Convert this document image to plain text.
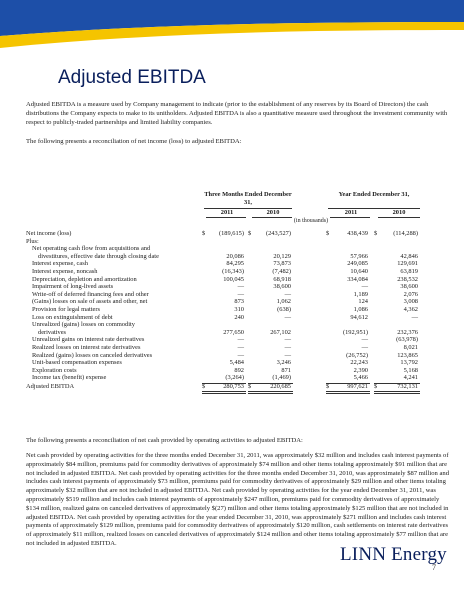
Adjusted EBITDA

Adjusted EBITDA is a measure used by Company management to indicate (prior to the establishment of any reserves by its Board of Directors) the cash distributions the Company expects to make to its unitholders. Adjusted EBITDA is also a quantitative measure used throughout the investment community with respect to publicly-traded partnerships and limited liability companies.

The following presents a reconciliation of net income (loss) to adjusted EBITDA:

Three Months Ended December 31,
Year Ended December 31,
2011	2010	2011	2010
(in thousands)
Net income (loss)	$	(189,615) $	(243,527)	$	438,439 $	(114,288)
Plus:
Net operating cash flow from acquisitions and
divestitures, effective date through closing date	20,086	20,129	57,966	42,846
Interest expense, cash	84,295	73,873	249,085	129,691
Interest expense, noncash	(16,343)	(7,482)	10,640	63,819
Depreciation, depletion and amortization	100,045	68,918	334,084	238,532
Impairment of long-lived assets	—	38,600	—	38,600
Write-off of deferred financing fees and other	—	—	1,189	2,076
(Gains) losses on sale of assets and other, net	873	1,062	124	3,008
Provision for legal matters	310	(638)	1,086	4,362
Loss on extinguishment of debt	240	—	94,612	—
Unrealized (gains) losses on commodity
derivatives	277,650	267,102	(192,951)	232,376
Unrealized gains on interest rate derivatives	—	—	—	(63,978)
Realized losses on interest rate derivatives	—	—	—	8,021
Realized (gains) losses on canceled derivatives	—	—	(26,752)	123,865
Unit-based compensation expenses	5,484	3,246	22,243	13,792
Exploration costs	892	871	2,390	5,168
Income tax (benefit) expense	(3,264)	(1,469)	5,466	4,241
Adjusted EBITDA	$	280,753 $	220,685	$	997,621 $	732,131

The following presents a reconciliation of net cash provided by operating activities to adjusted EBITDA:

Net cash provided by operating activities for the three months ended December 31, 2011, was approximately $32 million and includes cash interest payments of approximately $84 million, premiums paid for commodity derivatives of approximately $74 million and other items totaling approximately $91 million that are not included in adjusted EBITDA. Net cash provided by operating activities for the three months ended December 31, 2010, was approximately $87 million and includes cash interest payments of approximately $73 million, premiums paid for commodity derivatives of approximately $29 million and other items totaling approximately $32 million that are not included in adjusted EBITDA. Net cash provided by operating activities for the year ended December 31, 2011, was approximately $519 million and includes cash interest payments of approximately $247 million, premiums paid for commodity derivatives of approximately $134 million, realized gains on canceled derivatives of approximately $(27) million and other items totaling approximately $125 million that are not included in adjusted EBITDA. Net cash provided by operating activities for the year ended December 31, 2010, was approximately $271 million and includes cash interest payments of approximately $129 million, premiums paid for commodity derivatives of approximately $120 million, cash settlements on interest rate derivatives of approximately $11 million, realized losses on canceled derivatives of approximately $124 million and other items totaling approximately $77 million that are not included in adjusted EBITDA.

LINN Energy
7
